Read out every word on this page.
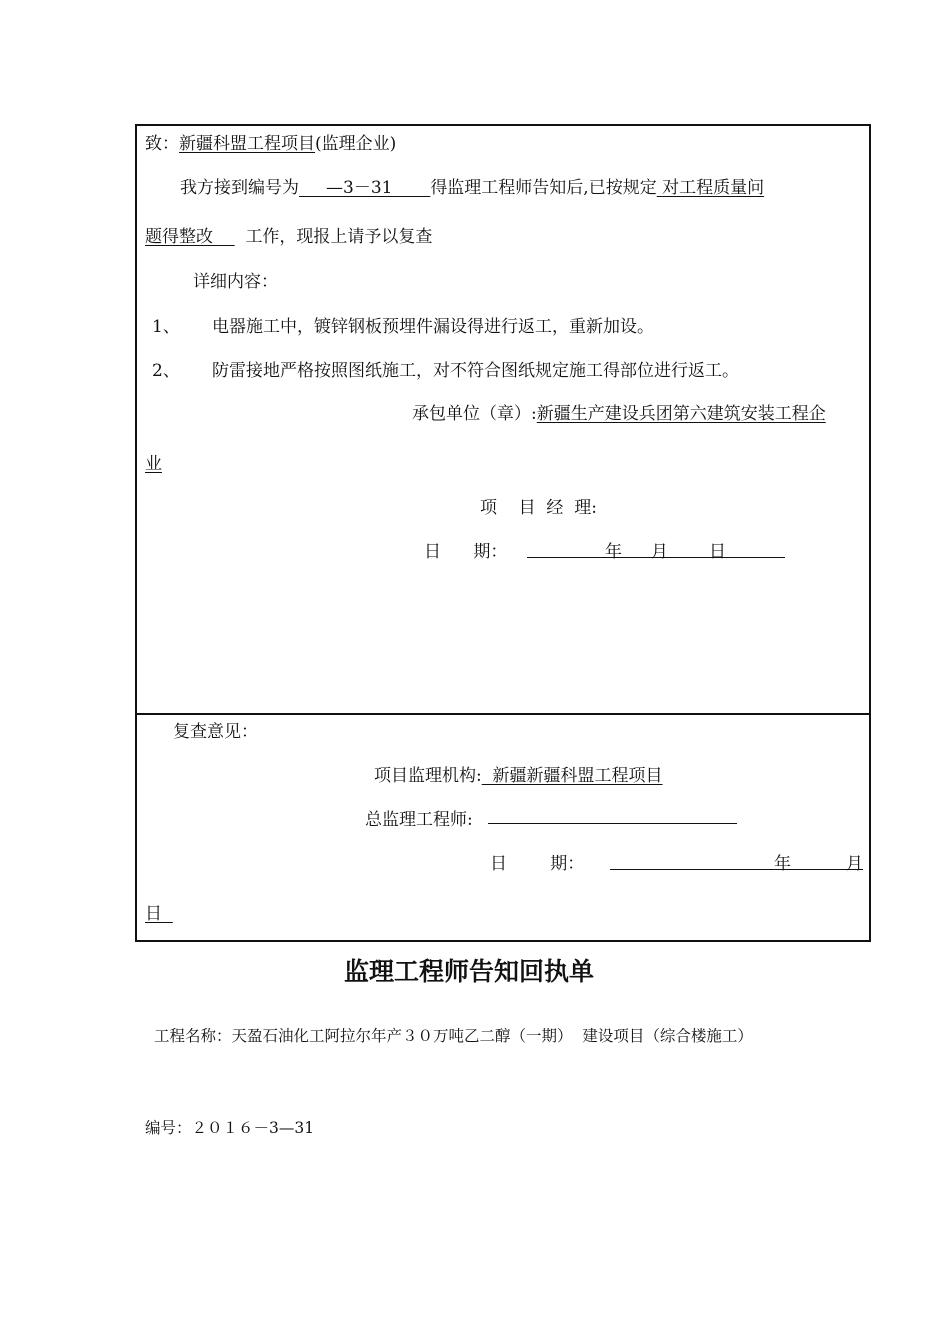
致：新疆科盟工程项目(监理企业)
我方接到编号为 —3－31 得监理工程师告知后,已按规定 对工程质量问
题得整改 工作，现报上请予以复查
详细内容：
1、 电器施工中，镀锌钢板预埋件漏设得进行返工，重新加设。
2、 防雷接地严格按照图纸施工，对不符合图纸规定施工得部位进行返工。
承包单位（章）:新疆生产建设兵团第六建筑安装工程企
业
项    目  经  理:
日      期：	年 月 日
复查意见：
项目监理机构: 新疆新疆科盟工程项目
总监理工程师:
日        期：	年	月
日
监理工程师告知回执单
工程名称：天盈石油化工阿拉尔年产３０万吨乙二醇（一期）  建设项目（综合楼施工）
编号：２０１６－3—31
